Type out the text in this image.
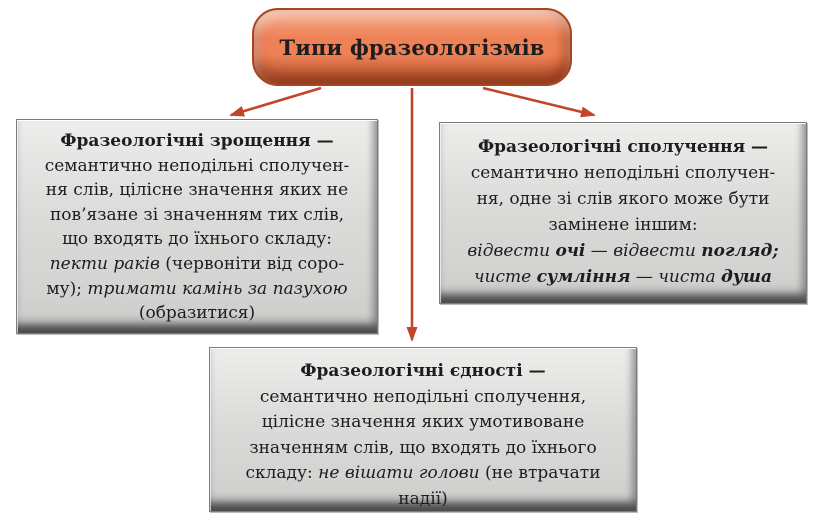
Типи фразеологізмів
Фразеологічні зрощення —
семантично неподільні сполучен-
ня слів, цілісне значення яких не
пов’язане зі значенням тих слів,
що входять до їхнього складу:
пекти раків (червоніти від соро-
му); тримати камінь за пазухою
(образитися)
Фразеологічні сполучення —
семантично неподільні сполучен-
ня, одне зі слів якого може бути
замінене іншим:
відвести очі — відвести погляд;
чисте сумління — чиста душа
Фразеологічні єдності —
семантично неподільні сполучення,
цілісне значення яких умотивоване
значенням слів, що входять до їхнього
складу: не вішати голови (не втрачати
надії)
